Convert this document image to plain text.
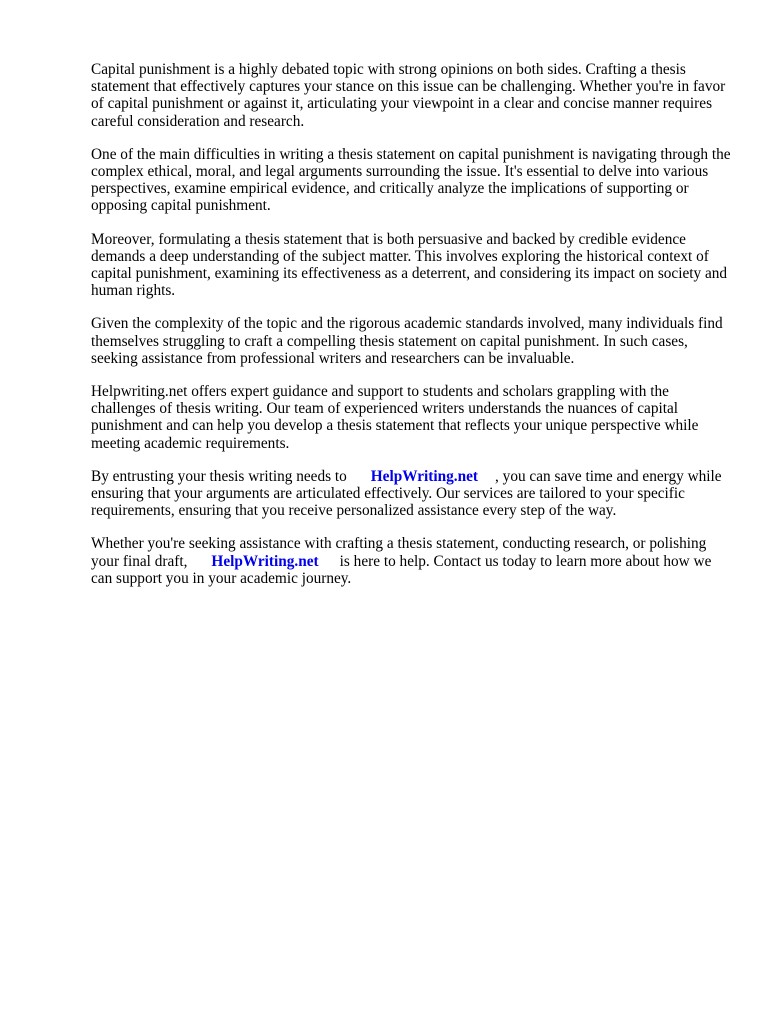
Capital punishment is a highly debated topic with strong opinions on both sides. Crafting a thesis statement that effectively captures your stance on this issue can be challenging. Whether you're in favor of capital punishment or against it, articulating your viewpoint in a clear and concise manner requires careful consideration and research.

One of the main difficulties in writing a thesis statement on capital punishment is navigating through the complex ethical, moral, and legal arguments surrounding the issue. It's essential to delve into various perspectives, examine empirical evidence, and critically analyze the implications of supporting or opposing capital punishment.

Moreover, formulating a thesis statement that is both persuasive and backed by credible evidence demands a deep understanding of the subject matter. This involves exploring the historical context of capital punishment, examining its effectiveness as a deterrent, and considering its impact on society and human rights.

Given the complexity of the topic and the rigorous academic standards involved, many individuals find themselves struggling to craft a compelling thesis statement on capital punishment. In such cases, seeking assistance from professional writers and researchers can be invaluable.

Helpwriting.net offers expert guidance and support to students and scholars grappling with the challenges of thesis writing. Our team of experienced writers understands the nuances of capital punishment and can help you develop a thesis statement that reflects your unique perspective while meeting academic requirements.

By entrusting your thesis writing needs to HelpWriting.net , you can save time and energy while ensuring that your arguments are articulated effectively. Our services are tailored to your specific requirements, ensuring that you receive personalized assistance every step of the way.

Whether you're seeking assistance with crafting a thesis statement, conducting research, or polishing your final draft, HelpWriting.net is here to help. Contact us today to learn more about how we can support you in your academic journey.
